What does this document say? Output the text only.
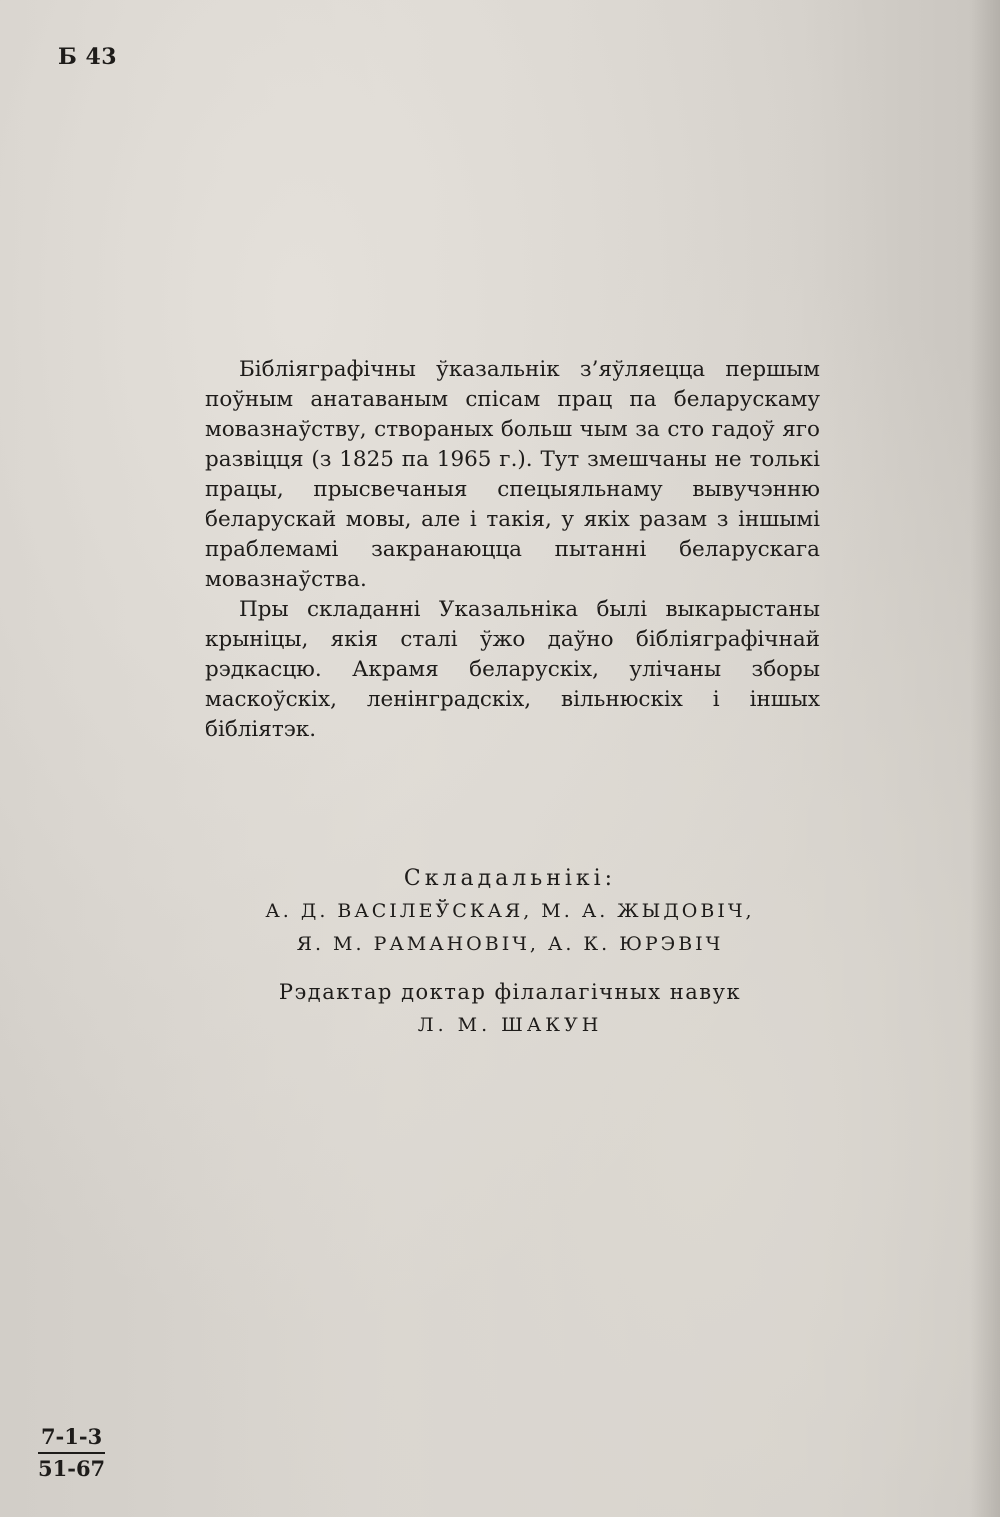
Б 43

Бібліяграфічны ўказальнік з’яўляецца першым поўным анатаваным спісам прац па беларускаму мовазнаўству, створаных больш чым за сто гадоў яго развіцця (з 1825 па 1965 г.). Тут змешчаны не толькі працы, прысвечаныя спецыяльнаму вывучэнню беларускай мовы, але і такія, у якіх разам з іншымі праблемамі закранаюцца пытанні беларускага мовазнаўства.

Пры складанні Указальніка былі выкарыстаны крыніцы, якія сталі ўжо даўно бібліяграфічнай рэдкасцю. Акрамя беларускіх, улічаны зборы маскоўскіх, ленінградскіх, вільнюскіх і іншых бібліятэк.

Складальнікі:
А. Д. ВАСІЛЕЎСКАЯ, М. А. ЖЫДОВІЧ,
Я. М. РАМАНОВІЧ, А. К. ЮРЭВІЧ
Рэдактар доктар філалагічных навук
Л. М. ШАКУН
$\frac{7-1-3}{51-67}$
